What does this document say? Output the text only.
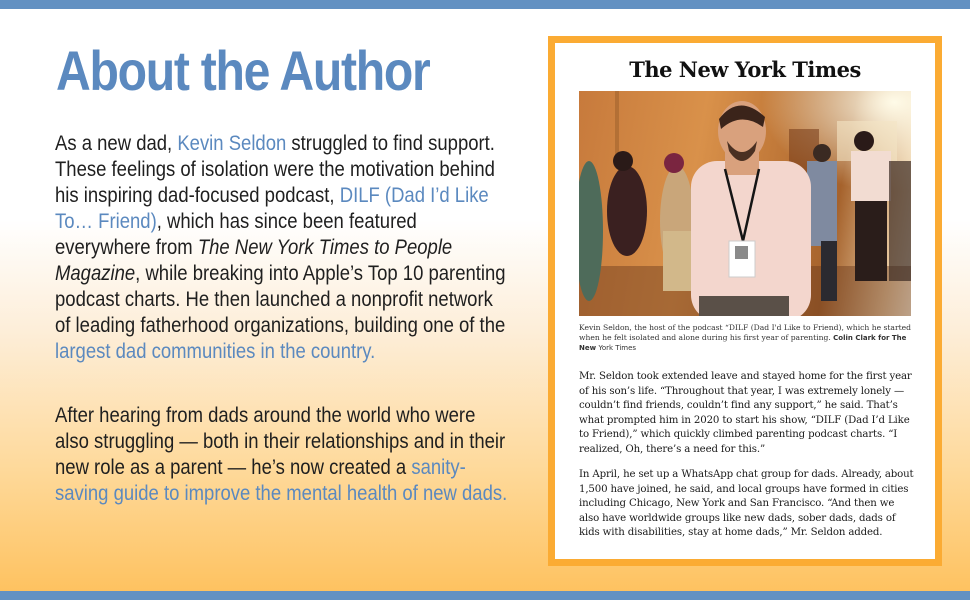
About the Author
As a new dad, Kevin Seldon struggled to find support. These feelings of isolation were the motivation behind his inspiring dad-focused podcast, DILF (Dad I’d Like To… Friend), which has since been featured everywhere from The New York Times to People Magazine, while breaking into Apple’s Top 10 parenting podcast charts. He then launched a nonprofit network of leading fatherhood organizations, building one of the largest dad communities in the country.
After hearing from dads around the world who were also struggling — both in their relationships and in their new role as a parent — he’s now created a sanity-saving guide to improve the mental health of new dads.
The New York Times
Kevin Seldon, the host of the podcast “DILF (Dad I'd Like to Friend), which he started when he felt isolated and alone during his first year of parenting. Colin Clark for The New York Times
Mr. Seldon took extended leave and stayed home for the first year of his son’s life. “Throughout that year, I was extremely lonely — couldn’t find friends, couldn’t find any support,” he said. That’s what prompted him in 2020 to start his show, “DILF (Dad I’d Like to Friend),” which quickly climbed parenting podcast charts. “I realized, Oh, there’s a need for this.”
In April, he set up a WhatsApp chat group for dads. Already, about 1,500 have joined, he said, and local groups have formed in cities including Chicago, New York and San Francisco. “And then we also have worldwide groups like new dads, sober dads, dads of kids with disabilities, stay at home dads,” Mr. Seldon added.
